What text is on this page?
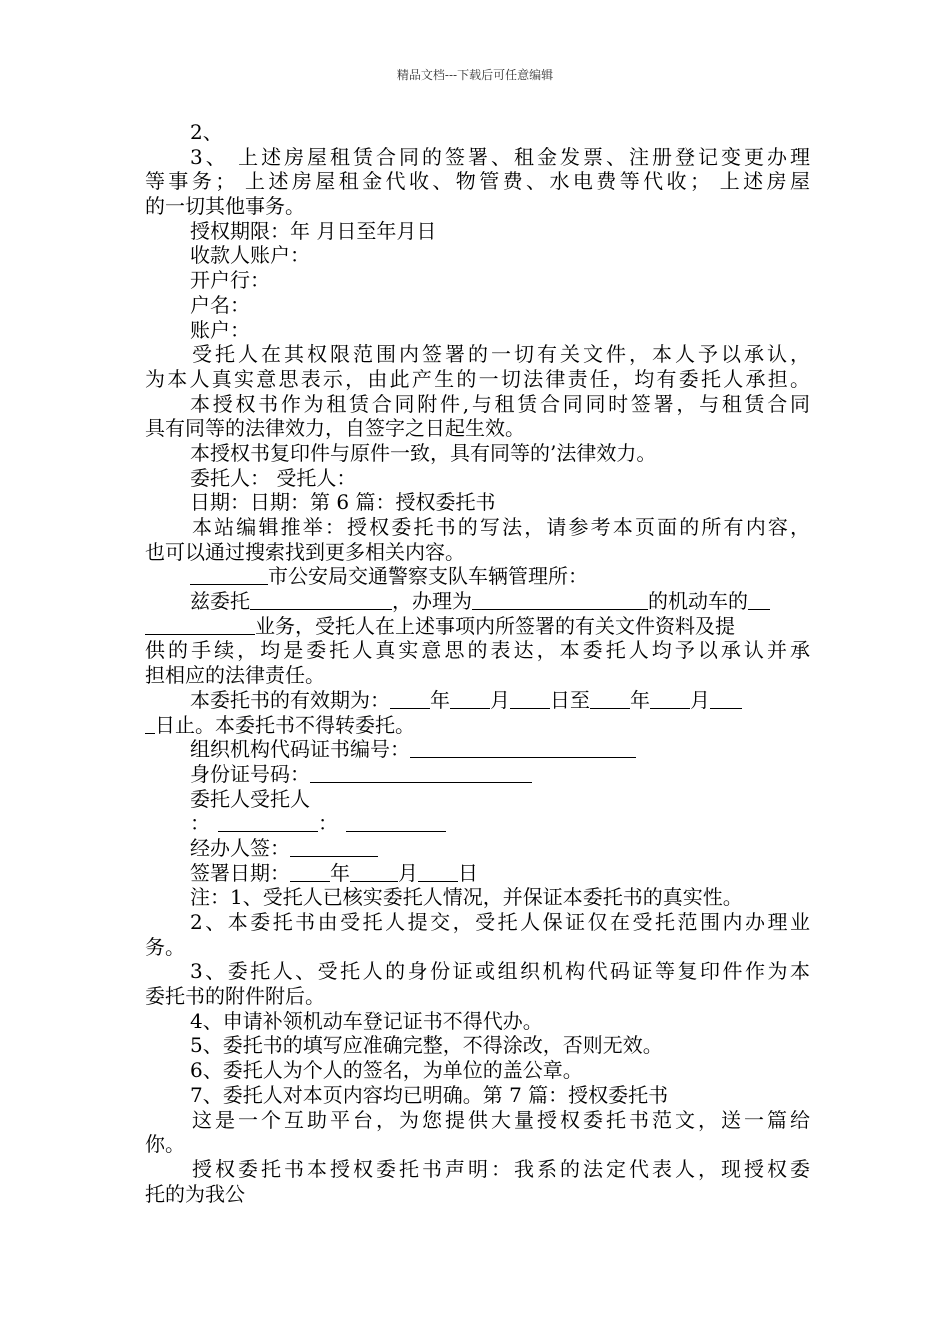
精品文档---下载后可任意编辑
2、
3、 上述房屋租赁合同的签署、租金发票、注册登记变更办理
等事务； 上述房屋租金代收、物管费、水电费等代收； 上述房屋
的一切其他事务。
授权期限：年 月日至年月日
收款人账户：
开户行：
户名：
账户：
受托人在其权限范围内签署的一切有关文件，本人予以承认，
为本人真实意思表示，由此产生的一切法律责任，均有委托人承担。
本授权书作为租赁合同附件,与租赁合同同时签署，与租赁合同
具有同等的法律效力，自签字之日起生效。
本授权书复印件与原件一致，具有同等的’法律效力。
委托人： 受托人：
日期：日期：第 6 篇：授权委托书
本站编辑推举：授权委托书的写法，请参考本页面的所有内容，
也可以通过搜索找到更多相关内容。
市公安局交通警察支队车辆管理所：
兹委托	，办理为	的机动车的
业务，受托人在上述事项内所签署的有关文件资料及提
供的手续，均是委托人真实意思的表达，本委托人均予以承认并承
担相应的法律责任。
本委托书的有效期为： 年 月 日至 年 月
日止。本委托书不得转委托。
组织机构代码证书编号：
身份证号码：
委托人受托人
：	：
经办人签：
签署日期： 年 月 日
注：1、受托人已核实委托人情况，并保证本委托书的真实性。
2、本委托书由受托人提交，受托人保证仅在受托范围内办理业
务。
3、委托人、受托人的身份证或组织机构代码证等复印件作为本
委托书的附件附后。
4、申请补领机动车登记证书不得代办。
5、委托书的填写应准确完整，不得涂改，否则无效。
6、委托人为个人的签名，为单位的盖公章。
7、委托人对本页内容均已明确。第 7 篇：授权委托书
这是一个互助平台，为您提供大量授权委托书范文，送一篇给
你。
授权委托书本授权委托书声明：我系的法定代表人，现授权委
托的为我公
